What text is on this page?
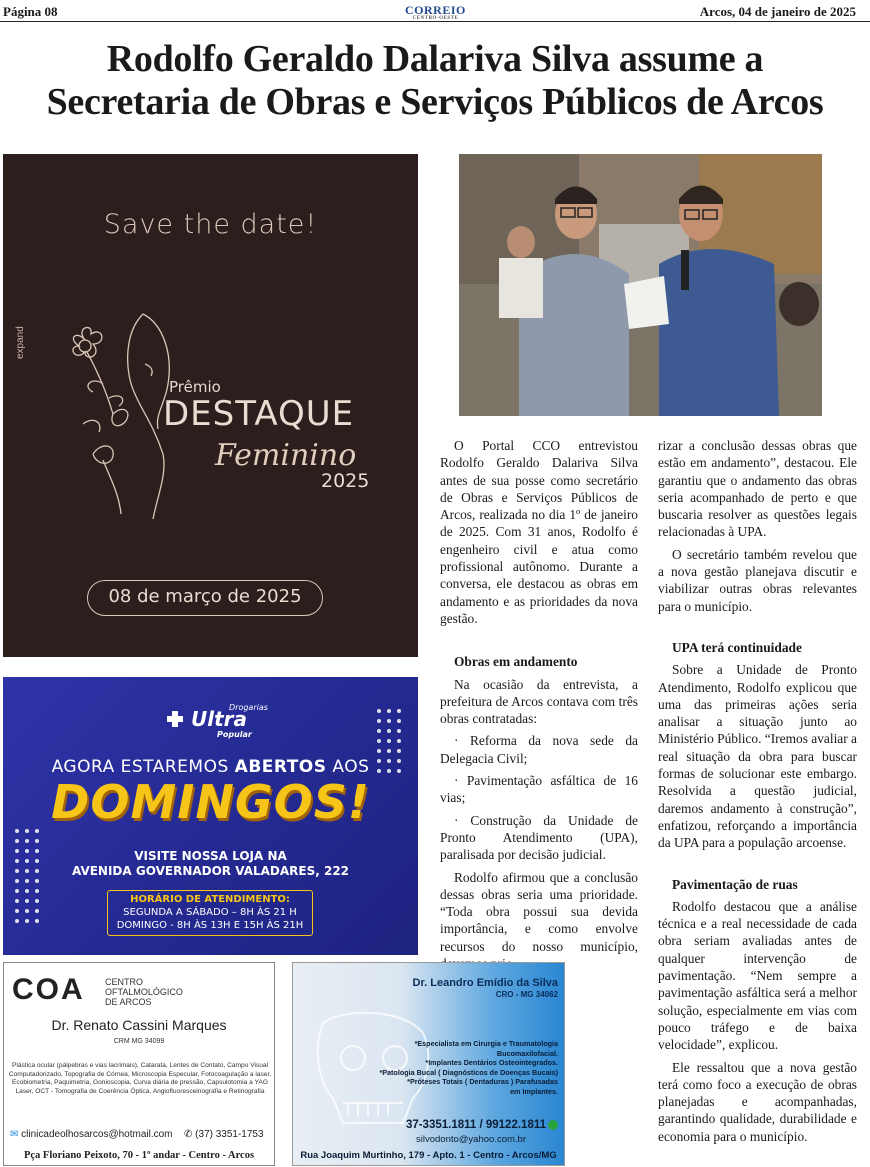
Página 08	CORREIO
CENTRO-OESTE	Arcos, 04 de janeiro de 2025
Rodolfo Geraldo Dalariva Silva assume a
Secretaria de Obras e Serviços Públicos de Arcos
expand
Save the date!
Prêmio
DESTAQUE
Feminino
2025
08 de março de 2025

O Portal CCO entrevistou Rodolfo Geraldo Dalariva Silva antes de sua posse como secretário de Obras e Serviços Públicos de Arcos, realizada no dia 1º de janeiro de 2025. Com 31 anos, Rodolfo é engenheiro civil e atua como profissional autônomo. Durante a conversa, ele destacou as obras em andamento e as prioridades da nova gestão.

Obras em andamento

Na ocasião da entrevista, a prefeitura de Arcos contava com três obras contratadas:

· Reforma da nova sede da Delegacia Civil;

· Pavimentação asfáltica de 16 vias;

· Construção da Unidade de Pronto Atendimento (UPA), paralisada por decisão judicial.

Rodolfo afirmou que a conclusão dessas obras seria uma prioridade. “Toda obra possui sua devida importância, e como envolve recursos do nosso município,

rizar a conclusão dessas obras que estão em andamento”, destacou. Ele garantiu que o andamento das obras seria acompanhado de perto e que buscaria resolver as questões legais relacionadas à UPA.

O secretário também revelou que a nova gestão planejava discutir e viabilizar outras obras relevantes para o município.

UPA terá continuidade

Sobre a Unidade de Pronto Atendimento, Rodolfo explicou que uma das primeiras ações seria analisar a situação junto ao Ministério Público. “Iremos avaliar a real situação da obra para buscar formas de solucionar este embargo. Resolvida a questão judicial, daremos andamento à construção”, enfatizou, reforçando a importância da UPA para a população arcoense.

Pavimentação de ruas

Rodolfo destacou que a análise técnica e a real necessidade de cada obra seriam avaliadas antes de qualquer intervenção de pavimentação. “Nem sempre a pavimentação asfáltica será a melhor solução, especialmente em vias com pouco tráfego e de baixa velocidade”, explicou.

Ele ressaltou que a nova gestão terá como foco a execução de obras planejadas e acompanhadas, garantindo qualidade, durabilidade e economia para o município.

Drogarias
Ultra
Popular
AGORA ESTAREMOS ABERTOS AOS
DOMINGOS!
VISITE NOSSA LOJA NA
AVENIDA GOVERNADOR VALADARES, 222
HORÁRIO DE ATENDIMENTO:
SEGUNDA A SÁBADO – 8H ÀS 21 H
DOMINGO - 8H ÀS 13H E 15H ÀS 21H
COA CENTRO
OFTALMOLÓGICO
DE ARCOS
Dr. Renato Cassini Marques
CRM MG 34099
Plástica ocular (pálpebras e vias lacrimais), Catarata, Lentes de Contato, Campo Visual Computadorizado, Topografia de Córnea, Microscopia Especular, Fotocoagulação a laser, Ecobiometria, Paquimetria, Gonioscopia, Curva diária de pressão, Capsulotomia a YAG Laser, OCT - Tomografia de Coerência Óptica, Angiofluoresceinografia e Retinografia
✉ clinicadeolhosarcos@hotmail.com ✆ (37) 3351-1753
Pça Floriano Peixoto, 70 - 1º andar - Centro - Arcos
Dr. Leandro Emídio da Silva
CRO - MG 34062
*Especialista em Cirurgia e Traumatologia
Bucomaxilofacial.
*Implantes Dentários Osteointegrados.
*Patologia Bucal ( Diagnósticos de Doenças Bucais)
*Próteses Totais ( Dentaduras ) Parafusadas
em Implantes.
37-3351.1811 / 99122.1811
silvodonto@yahoo.com.br
Rua Joaquim Murtinho, 179 - Apto. 1 - Centro - Arcos/MG
